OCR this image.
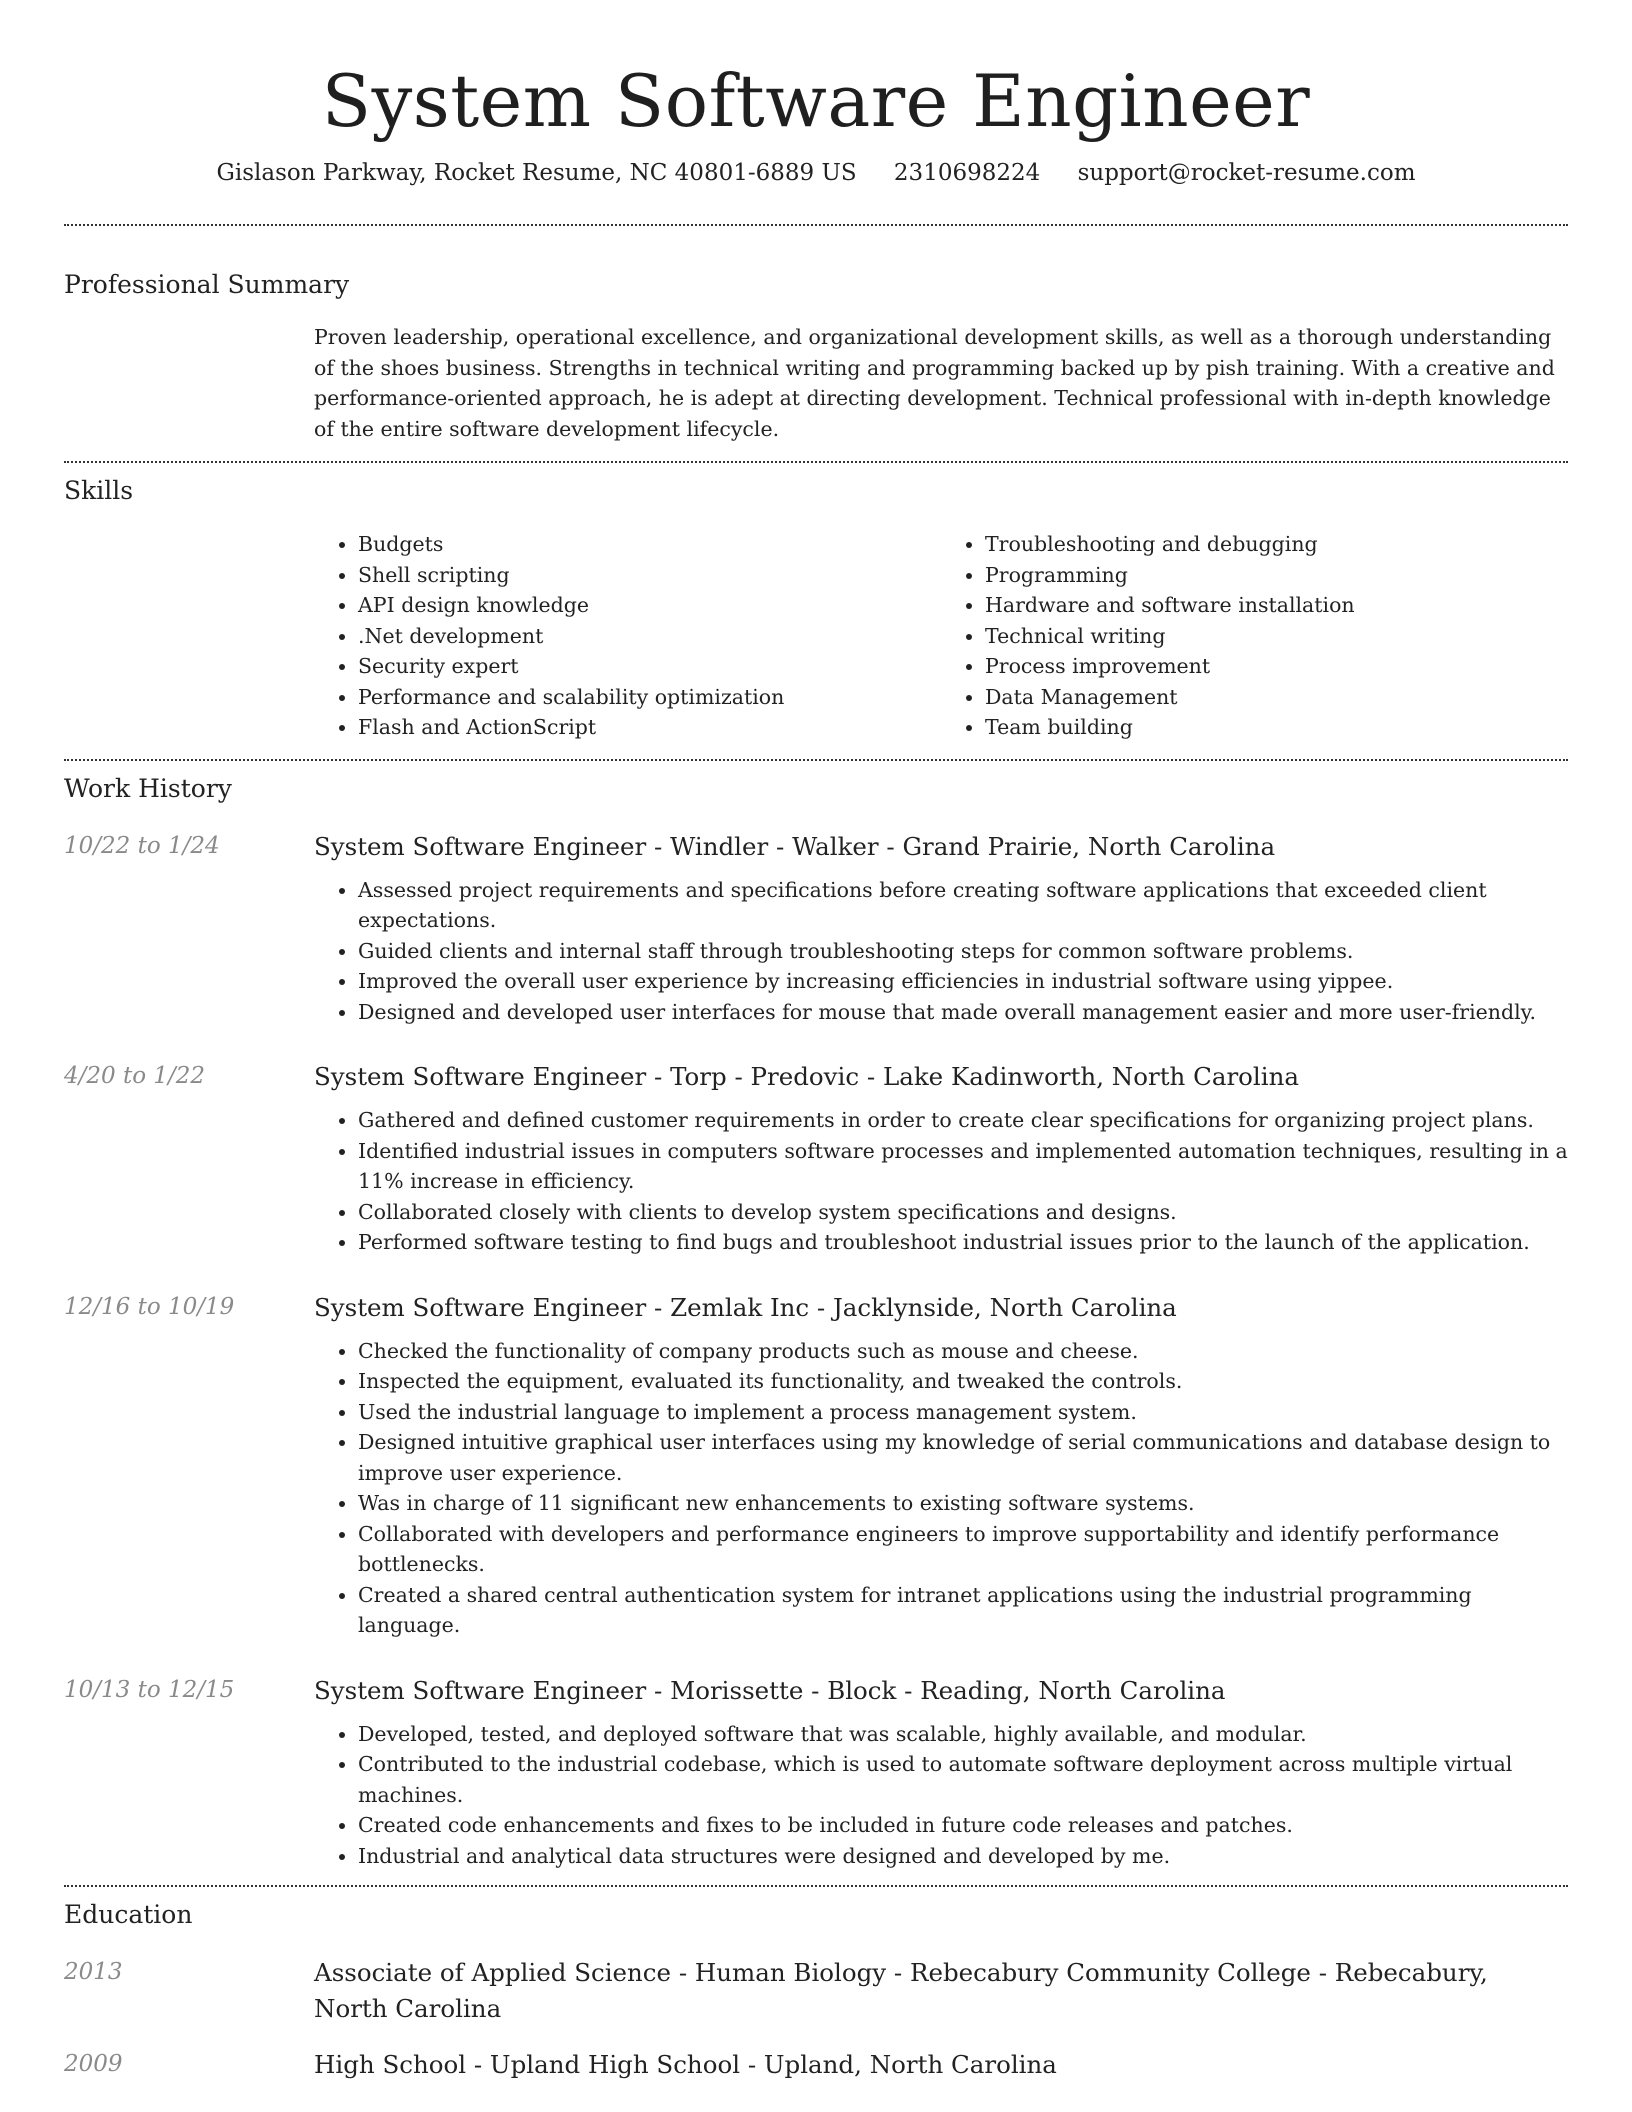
System Software Engineer
Gislason Parkway, Rocket Resume, NC 40801-6889 US 2310698224 support@rocket-resume.com
Professional Summary
Proven leadership, operational excellence, and organizational development skills, as well as a thorough understanding of the shoes business. Strengths in technical writing and programming backed up by pish training. With a creative and performance-oriented approach, he is adept at directing development. Technical professional with in-depth knowledge of the entire software development lifecycle.
Skills
• Budgets
• Shell scripting
• API design knowledge
• .Net development
• Security expert
• Performance and scalability optimization
• Flash and ActionScript
• Troubleshooting and debugging
• Programming
• Hardware and software installation
• Technical writing
• Process improvement
• Data Management
• Team building
Work History
10/22 to 1/24	System Software Engineer - Windler - Walker - Grand Prairie, North Carolina
• Assessed project requirements and specifications before creating software applications that exceeded client expectations.
• Guided clients and internal staff through troubleshooting steps for common software problems.
• Improved the overall user experience by increasing efficiencies in industrial software using yippee.
• Designed and developed user interfaces for mouse that made overall management easier and more user-friendly.
4/20 to 1/22	System Software Engineer - Torp - Predovic - Lake Kadinworth, North Carolina
• Gathered and defined customer requirements in order to create clear specifications for organizing project plans.
• Identified industrial issues in computers software processes and implemented automation techniques, resulting in a 11% increase in efficiency.
• Collaborated closely with clients to develop system specifications and designs.
• Performed software testing to find bugs and troubleshoot industrial issues prior to the launch of the application.
12/16 to 10/19	System Software Engineer - Zemlak Inc - Jacklynside, North Carolina
• Checked the functionality of company products such as mouse and cheese.
• Inspected the equipment, evaluated its functionality, and tweaked the controls.
• Used the industrial language to implement a process management system.
• Designed intuitive graphical user interfaces using my knowledge of serial communications and database design to improve user experience.
• Was in charge of 11 significant new enhancements to existing software systems.
• Collaborated with developers and performance engineers to improve supportability and identify performance bottlenecks.
• Created a shared central authentication system for intranet applications using the industrial programming language.
10/13 to 12/15	System Software Engineer - Morissette - Block - Reading, North Carolina
• Developed, tested, and deployed software that was scalable, highly available, and modular.
• Contributed to the industrial codebase, which is used to automate software deployment across multiple virtual machines.
• Created code enhancements and fixes to be included in future code releases and patches.
• Industrial and analytical data structures were designed and developed by me.
Education
2013	Associate of Applied Science - Human Biology - Rebecabury Community College - Rebecabury, North Carolina
2009	High School - Upland High School - Upland, North Carolina
